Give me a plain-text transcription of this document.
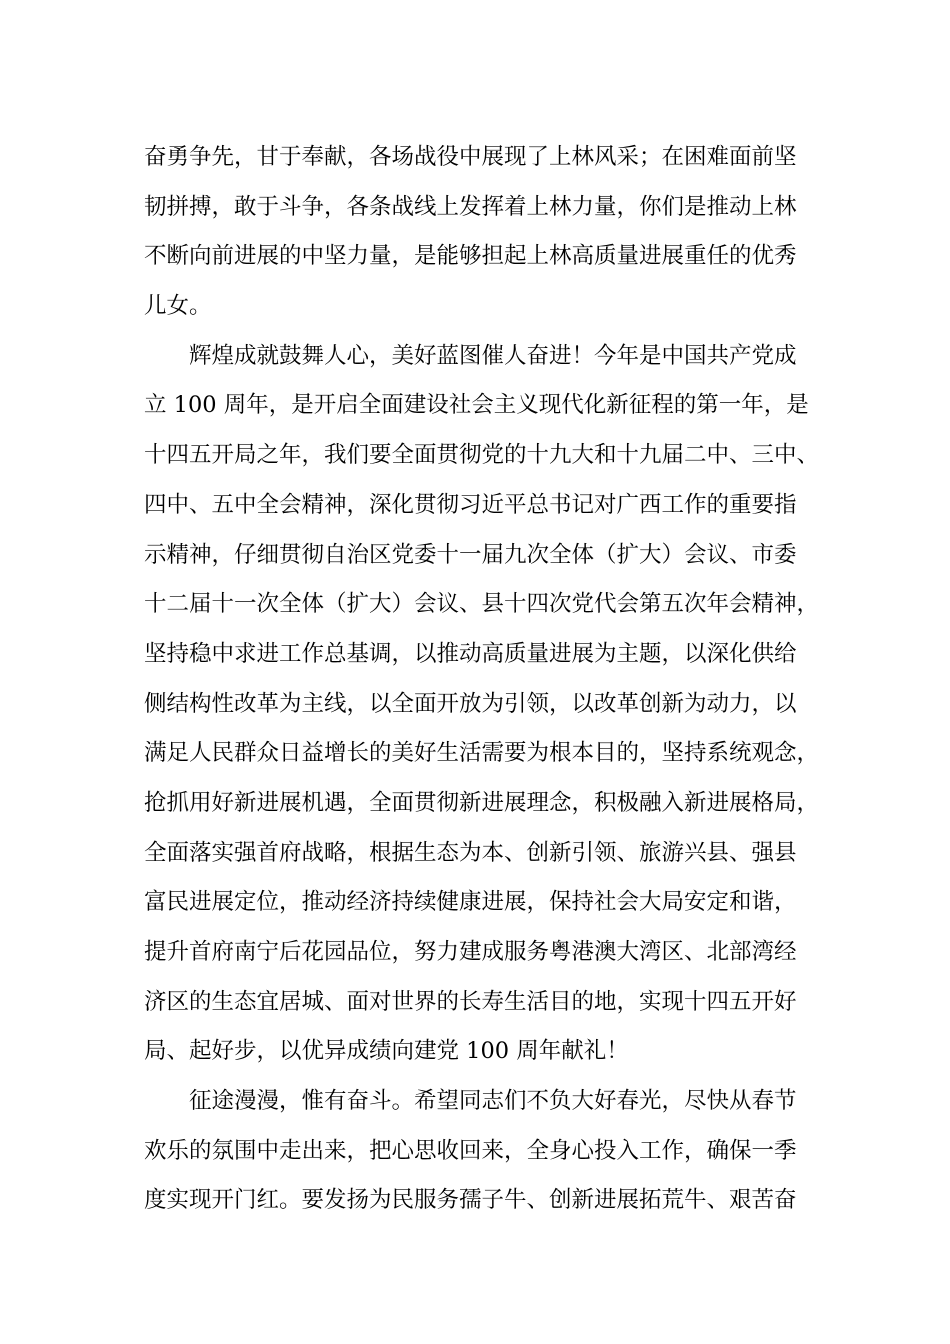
奋勇争先，甘于奉献，各场战役中展现了上林风采；在困难面前坚
韧拼搏，敢于斗争，各条战线上发挥着上林力量，你们是推动上林
不断向前进展的中坚力量，是能够担起上林高质量进展重任的优秀
儿女。
　　辉煌成就鼓舞人心，美好蓝图催人奋进！今年是中国共产党成
立 100 周年，是开启全面建设社会主义现代化新征程的第一年，是
十四五开局之年，我们要全面贯彻党的十九大和十九届二中、三中、
四中、五中全会精神，深化贯彻习近平总书记对广西工作的重要指
示精神，仔细贯彻自治区党委十一届九次全体（扩大）会议、市委
十二届十一次全体（扩大）会议、县十四次党代会第五次年会精神，
坚持稳中求进工作总基调，以推动高质量进展为主题，以深化供给
侧结构性改革为主线，以全面开放为引领，以改革创新为动力，以
满足人民群众日益增长的美好生活需要为根本目的，坚持系统观念，
抢抓用好新进展机遇，全面贯彻新进展理念，积极融入新进展格局，
全面落实强首府战略，根据生态为本、创新引领、旅游兴县、强县
富民进展定位，推动经济持续健康进展，保持社会大局安定和谐，
提升首府南宁后花园品位，努力建成服务粤港澳大湾区、北部湾经
济区的生态宜居城、面对世界的长寿生活目的地，实现十四五开好
局、起好步，以优异成绩向建党 100 周年献礼！
　　征途漫漫，惟有奋斗。希望同志们不负大好春光，尽快从春节
欢乐的氛围中走出来，把心思收回来，全身心投入工作，确保一季
度实现开门红。要发扬为民服务孺子牛、创新进展拓荒牛、艰苦奋
